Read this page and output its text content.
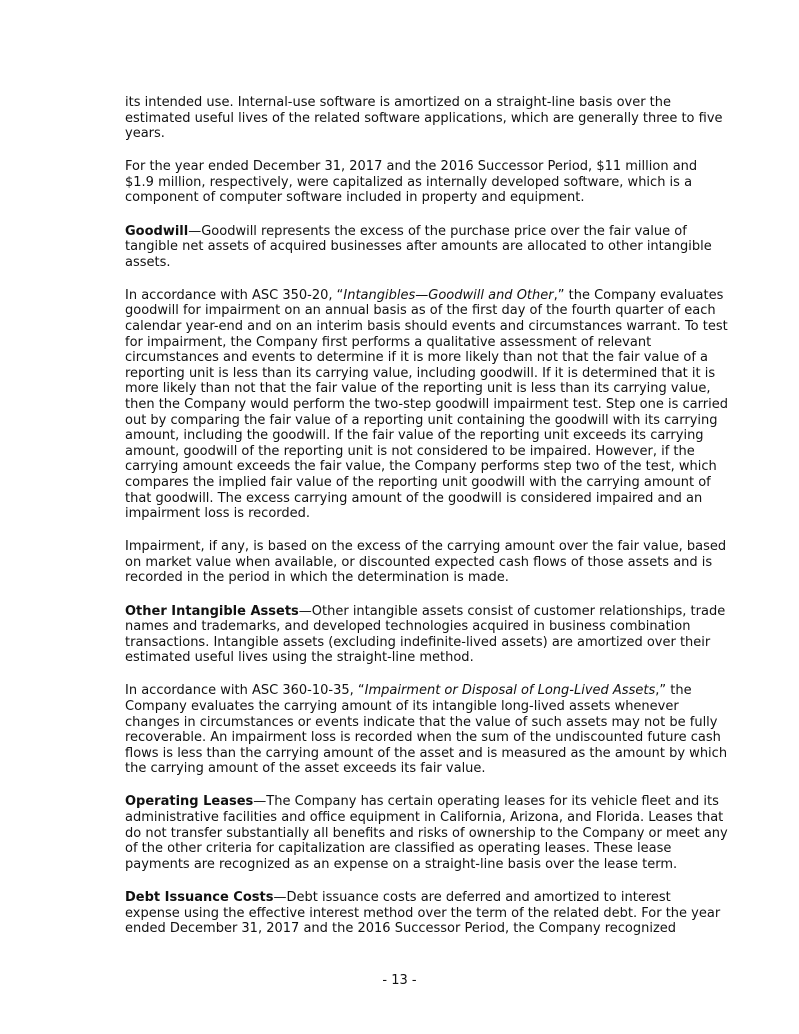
its intended use. Internal-use software is amortized on a straight-line basis over the estimated useful lives of the related software applications, which are generally three to five years.

For the year ended December 31, 2017 and the 2016 Successor Period, $11 million and $1.9 million, respectively, were capitalized as internally developed software, which is a component of computer software included in property and equipment.

Goodwill—Goodwill represents the excess of the purchase price over the fair value of tangible net assets of acquired businesses after amounts are allocated to other intangible assets.

In accordance with ASC 350-20, “Intangibles—Goodwill and Other,” the Company evaluates goodwill for impairment on an annual basis as of the first day of the fourth quarter of each calendar year-end and on an interim basis should events and circumstances warrant. To test for impairment, the Company first performs a qualitative assessment of relevant circumstances and events to determine if it is more likely than not that the fair value of a reporting unit is less than its carrying value, including goodwill. If it is determined that it is more likely than not that the fair value of the reporting unit is less than its carrying value, then the Company would perform the two-step goodwill impairment test. Step one is carried out by comparing the fair value of a reporting unit containing the goodwill with its carrying amount, including the goodwill. If the fair value of the reporting unit exceeds its carrying amount, goodwill of the reporting unit is not considered to be impaired. However, if the carrying amount exceeds the fair value, the Company performs step two of the test, which compares the implied fair value of the reporting unit goodwill with the carrying amount of that goodwill. The excess carrying amount of the goodwill is considered impaired and an impairment loss is recorded.

Impairment, if any, is based on the excess of the carrying amount over the fair value, based on market value when available, or discounted expected cash flows of those assets and is recorded in the period in which the determination is made.

Other Intangible Assets—Other intangible assets consist of customer relationships, trade names and trademarks, and developed technologies acquired in business combination transactions. Intangible assets (excluding indefinite-lived assets) are amortized over their estimated useful lives using the straight-line method.

In accordance with ASC 360-10-35, “Impairment or Disposal of Long-Lived Assets,” the Company evaluates the carrying amount of its intangible long-lived assets whenever changes in circumstances or events indicate that the value of such assets may not be fully recoverable. An impairment loss is recorded when the sum of the undiscounted future cash flows is less than the carrying amount of the asset and is measured as the amount by which the carrying amount of the asset exceeds its fair value.

Operating Leases—The Company has certain operating leases for its vehicle fleet and its administrative facilities and office equipment in California, Arizona, and Florida. Leases that do not transfer substantially all benefits and risks of ownership to the Company or meet any of the other criteria for capitalization are classified as operating leases. These lease payments are recognized as an expense on a straight-line basis over the lease term.

Debt Issuance Costs—Debt issuance costs are deferred and amortized to interest expense using the effective interest method over the term of the related debt. For the year ended December 31, 2017 and the 2016 Successor Period, the Company recognized

- 13 -
